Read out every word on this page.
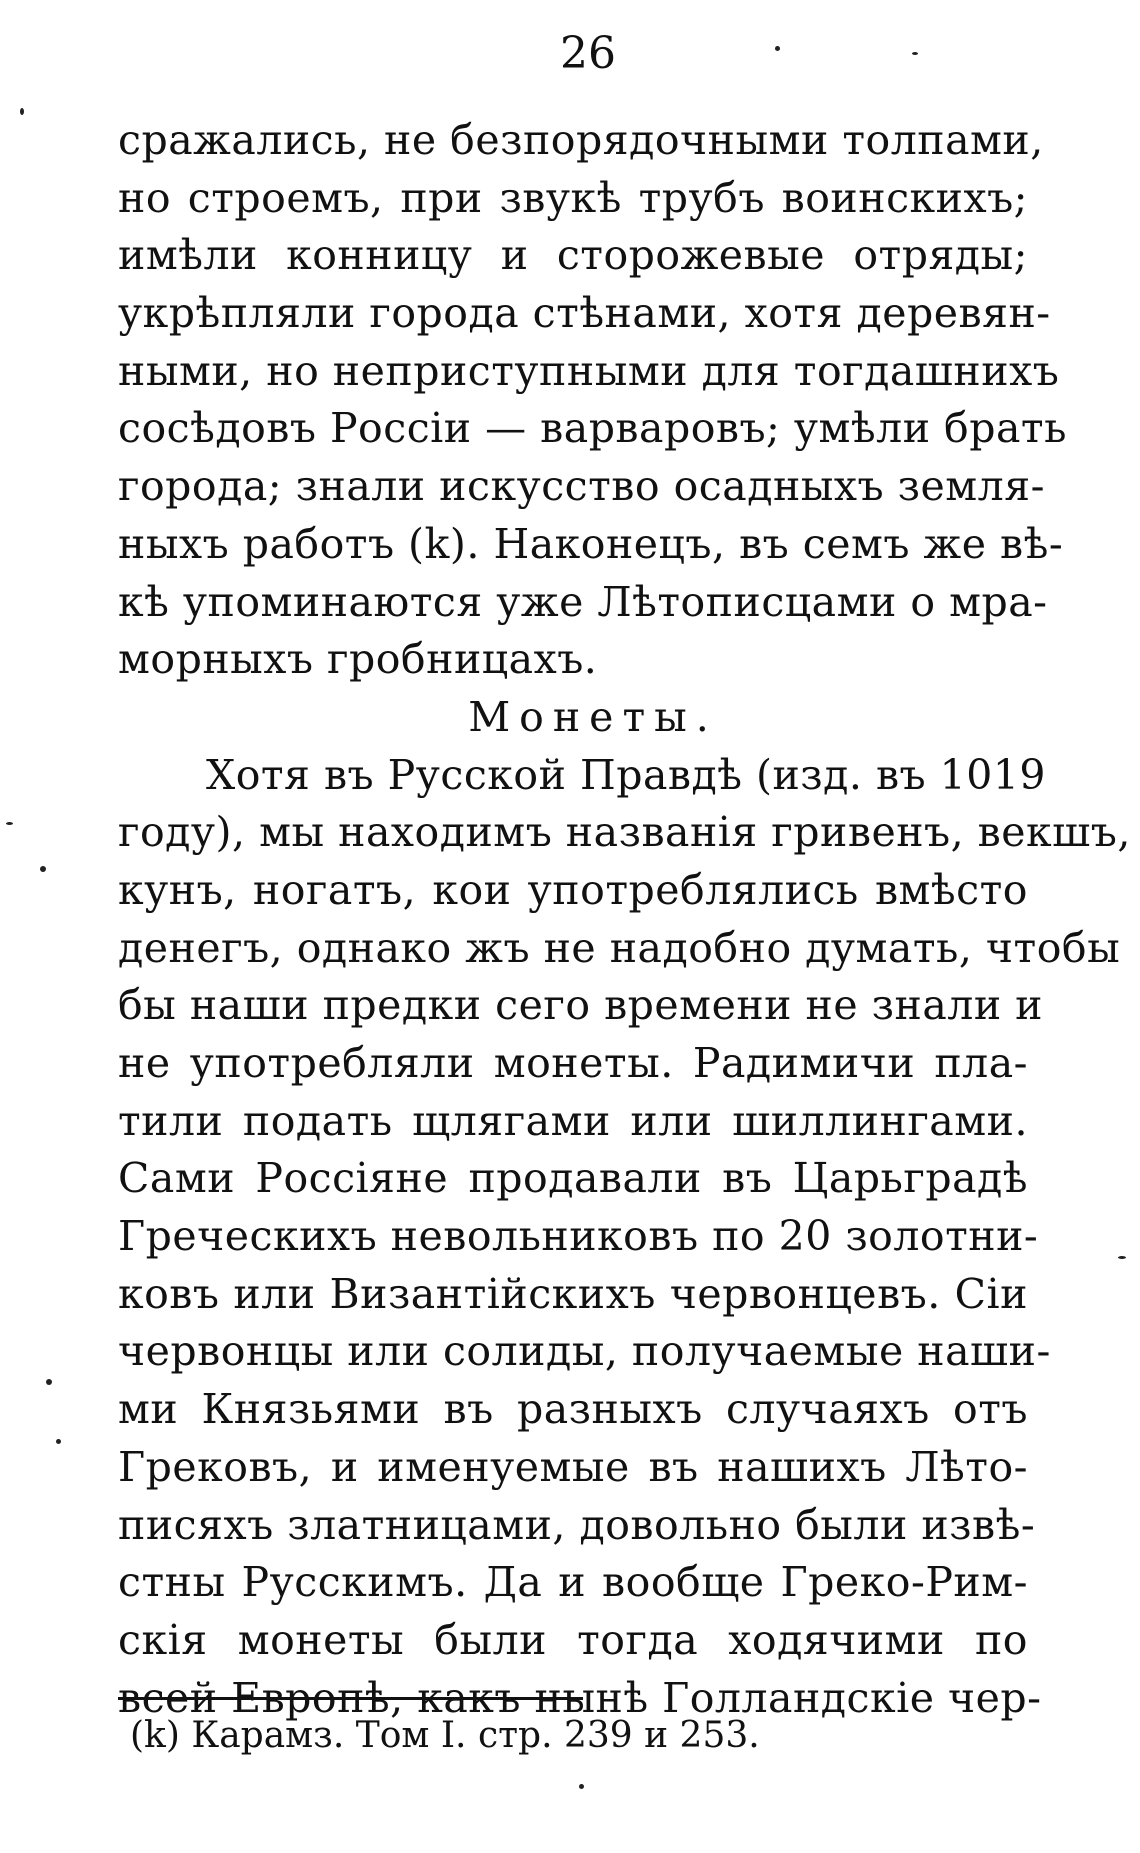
26
сражались, не безпорядочными толпами,
но строемъ, при звукѣ трубъ воинскихъ;
имѣли конницу и сторожевые отряды;
укрѣпляли города стѣнами, хотя деревян-
ными, но неприступными для тогдашнихъ
сосѣдовъ Россіи — варваровъ; умѣли брать
города; знали искусство осадныхъ земля-
ныхъ работъ (k). Наконецъ, въ семъ же вѣ-
кѣ упоминаются уже Лѣтописцами о мра-
морныхъ гробницахъ.
Монеты.
Хотя въ Русской Правдѣ (изд. въ 1019
году), мы находимъ названія гривенъ, векшъ,
кунъ, ногатъ, кои употреблялись вмѣсто
денегъ, однако жъ не надобно думать, чтобы
бы наши предки сего времени не знали и
не употребляли монеты. Радимичи пла-
тили подать щлягами или шиллингами.
Сами Россіяне продавали въ Царьградѣ
Греческихъ невольниковъ по 20 золотни-
ковъ или Византійскихъ червонцевъ. Сіи
червонцы или солиды, получаемые наши-
ми Князьями въ разныхъ случаяхъ отъ
Грековъ, и именуемые въ нашихъ Лѣто-
писяхъ златницами, довольно были извѣ-
стны Русскимъ. Да и вообще Греко-Рим-
скія монеты были тогда ходячими по
всей Европѣ, какъ нынѣ Голландскіе чер-
(k) Карамз. Том I. стр. 239 и 253.
